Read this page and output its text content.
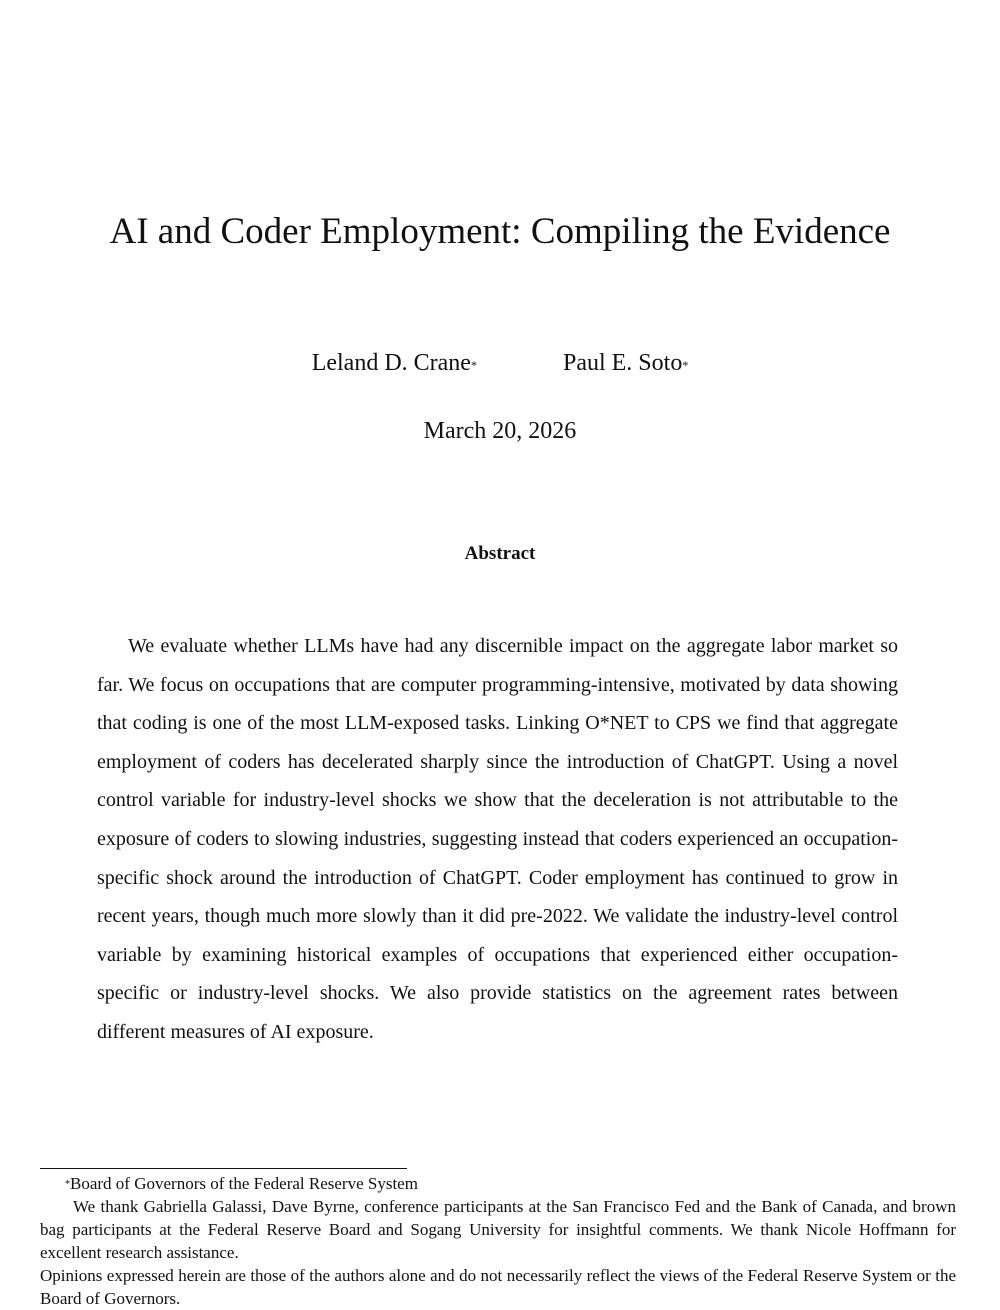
AI and Coder Employment: Compiling the Evidence
Leland D. Crane*	Paul E. Soto*
March 20, 2026
Abstract

We evaluate whether LLMs have had any discernible impact on the aggregate labor market so far. We focus on occupations that are computer programming-intensive, motivated by data showing that coding is one of the most LLM-exposed tasks. Linking O*NET to CPS we find that aggregate employment of coders has decelerated sharply since the introduction of ChatGPT. Using a novel control variable for industry-level shocks we show that the deceleration is not attributable to the exposure of coders to slowing industries, suggesting instead that coders experienced an occupation-specific shock around the introduction of ChatGPT. Coder employment has continued to grow in recent years, though much more slowly than it did pre-2022. We validate the industry-level control variable by examining historical examples of occupations that experienced either occupation-specific or industry-level shocks. We also provide statistics on the agreement rates between different measures of AI exposure.

*Board of Governors of the Federal Reserve System

We thank Gabriella Galassi, Dave Byrne, conference participants at the San Francisco Fed and the Bank of Canada, and brown bag participants at the Federal Reserve Board and Sogang University for insightful comments. We thank Nicole Hoffmann for excellent research assistance.

Opinions expressed herein are those of the authors alone and do not necessarily reflect the views of the Federal Reserve System or the Board of Governors.
